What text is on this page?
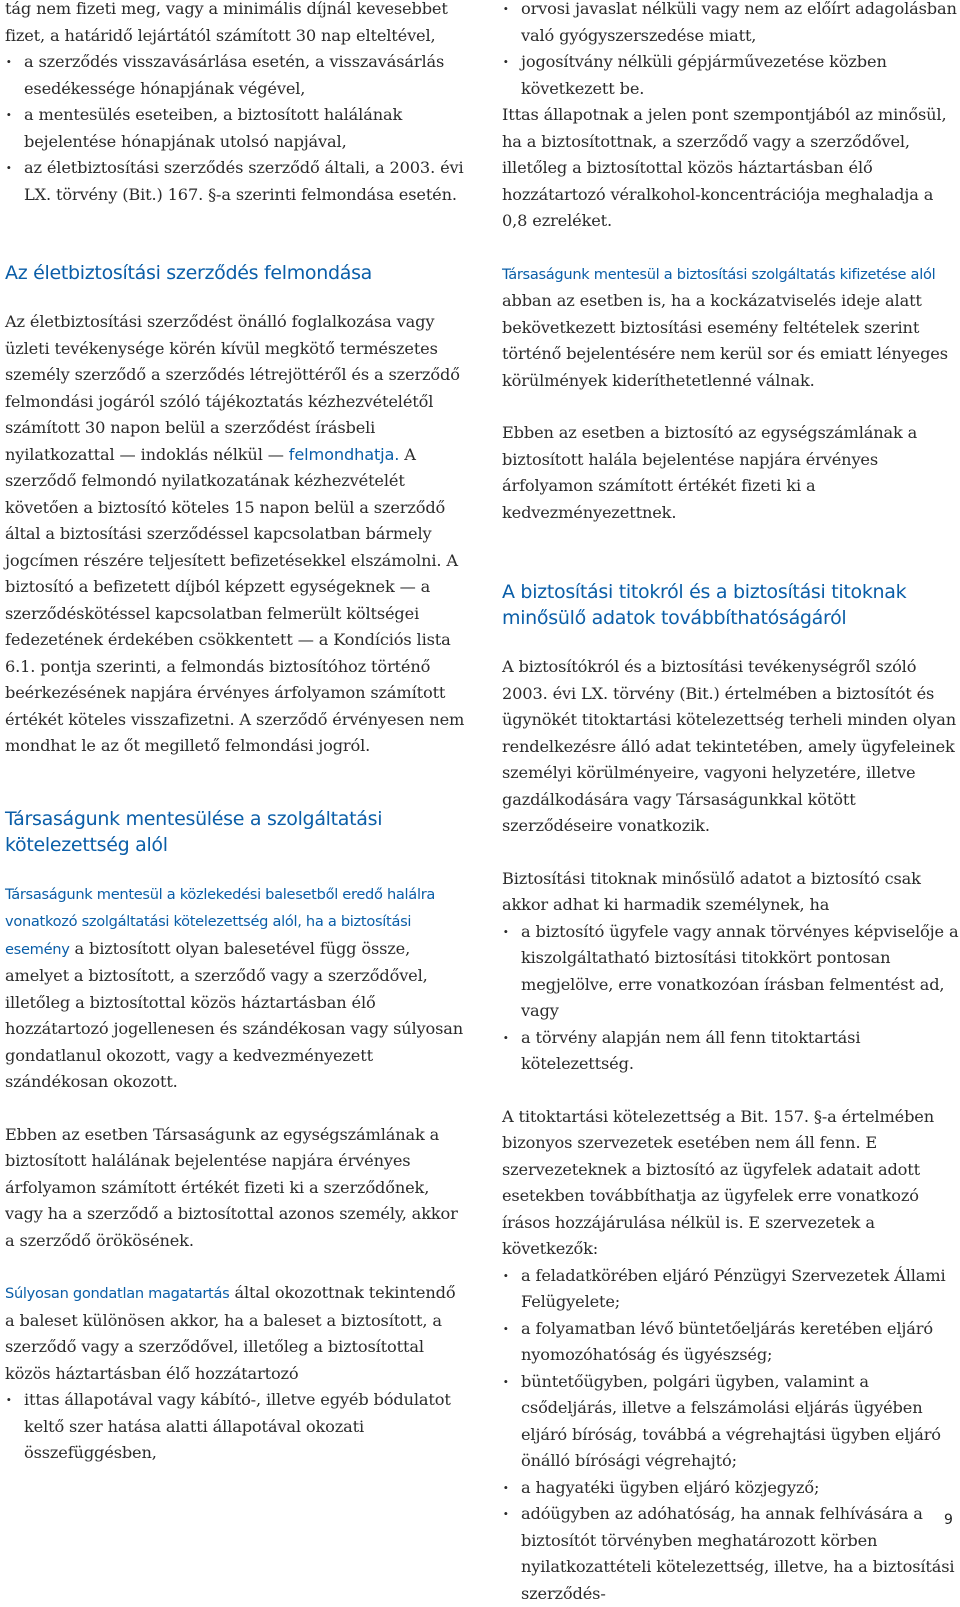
tág nem fizeti meg, vagy a minimális díjnál kevesebbet fizet, a határidő lejártától számított 30 nap elteltével,

· a szerződés visszavásárlása esetén, a visszavásárlás esedékessége hónapjának végével,
· a mentesülés eseteiben, a biztosított halálának bejelentése hónapjának utolsó napjával,
· az életbiztosítási szerződés szerződő általi, a 2003. évi LX. törvény (Bit.) 167. §-a szerinti felmondása esetén.
Az életbiztosítási szerződés felmondása

Az életbiztosítási szerződést önálló foglalkozása vagy üzleti tevékenysége körén kívül megkötő természetes személy szerződő a szerződés létrejöttéről és a szerződő felmondási jogáról szóló tájékoztatás kézhezvételétől számított 30 napon belül a szerződést írásbeli nyilatkozattal — indoklás nélkül — felmondhatja. A szerződő felmondó nyilatkozatának kézhezvételét követően a biztosító köteles 15 napon belül a szerződő által a biztosítási szerződéssel kapcsolatban bármely jogcímen részére teljesített befizetésekkel elszámolni. A biztosító a befizetett díjból képzett egységeknek — a szerződéskötéssel kapcsolatban felmerült költségei fedezetének érdekében csökkentett — a Kondíciós lista 6.1. pontja szerinti, a felmondás biztosítóhoz történő beérkezésének napjára érvényes árfolyamon számított értékét köteles visszafizetni. A szerződő érvényesen nem mondhat le az őt megillető felmondási jogról.

Társaságunk mentesülése a szolgáltatási kötelezettség alól

Társaságunk mentesül a közlekedési balesetből eredő halálra vonatkozó szolgáltatási kötelezettség alól, ha a biztosítási esemény a biztosított olyan balesetével függ össze, amelyet a biztosított, a szerződő vagy a szerződővel, illetőleg a biztosítottal közös háztartásban élő hozzátartozó jogellenesen és szándékosan vagy súlyosan gondatlanul okozott, vagy a kedvezményezett szándékosan okozott.

Ebben az esetben Társaságunk az egységszámlának a biztosított halálának bejelentése napjára érvényes árfolyamon számított értékét fizeti ki a szerződőnek, vagy ha a szerződő a biztosítottal azonos személy, akkor a szerződő örökösének.

Súlyosan gondatlan magatartás által okozottnak tekintendő a baleset különösen akkor, ha a baleset a biztosított, a szerződő vagy a szerződővel, illetőleg a biztosítottal közös háztartásban élő hozzátartozó

· ittas állapotával vagy kábító-, illetve egyéb bódulatot keltő szer hatása alatti állapotával okozati összefüggésben,
· orvosi javaslat nélküli vagy nem az előírt adagolásban való gyógyszerszedése miatt,
· jogosítvány nélküli gépjárművezetése közben következett be.

Ittas állapotnak a jelen pont szempontjából az minősül, ha a biztosítottnak, a szerződő vagy a szerződővel, illetőleg a biztosítottal közös háztartásban élő hozzátartozó véralkohol-koncentrációja meghaladja a 0,8 ezreléket.

Társaságunk mentesül a biztosítási szolgáltatás kifizetése alól abban az esetben is, ha a kockázatviselés ideje alatt bekövetkezett biztosítási esemény feltételek szerint történő bejelentésére nem kerül sor és emiatt lényeges körülmények kideríthetetlenné válnak.

Ebben az esetben a biztosító az egységszámlának a biztosított halála bejelentése napjára érvényes árfolyamon számított értékét fizeti ki a kedvezményezettnek.

A biztosítási titokról és a biztosítási titoknak minősülő adatok továbbíthatóságáról

A biztosítókról és a biztosítási tevékenységről szóló 2003. évi LX. törvény (Bit.) értelmében a biztosítót és ügynökét titoktartási kötelezettség terheli minden olyan rendelkezésre álló adat tekintetében, amely ügyfeleinek személyi körülményeire, vagyoni helyzetére, illetve gazdálkodására vagy Társaságunkkal kötött szerződéseire vonatkozik.

Biztosítási titoknak minősülő adatot a biztosító csak akkor adhat ki harmadik személynek, ha

· a biztosító ügyfele vagy annak törvényes képviselője a kiszolgáltatható biztosítási titokkört pontosan megjelölve, erre vonatkozóan írásban felmentést ad, vagy
· a törvény alapján nem áll fenn titoktartási kötelezettség.

A titoktartási kötelezettség a Bit. 157. §-a értelmében bizonyos szervezetek esetében nem áll fenn. E szervezeteknek a biztosító az ügyfelek adatait adott esetekben továbbíthatja az ügyfelek erre vonatkozó írásos hozzájárulása nélkül is. E szervezetek a következők:

· a feladatkörében eljáró Pénzügyi Szervezetek Állami Felügyelete;
· a folyamatban lévő büntetőeljárás keretében eljáró nyomozóhatóság és ügyészség;
· büntetőügyben, polgári ügyben, valamint a csődeljárás, illetve a felszámolási eljárás ügyében eljáró bíróság, továbbá a végrehajtási ügyben eljáró önálló bírósági végrehajtó;
· a hagyatéki ügyben eljáró közjegyző;
· adóügyben az adóhatóság, ha annak felhívására a biztosítót törvényben meghatározott körben nyilatkozattételi kötelezettség, illetve, ha a biztosítási szerződés-
9
